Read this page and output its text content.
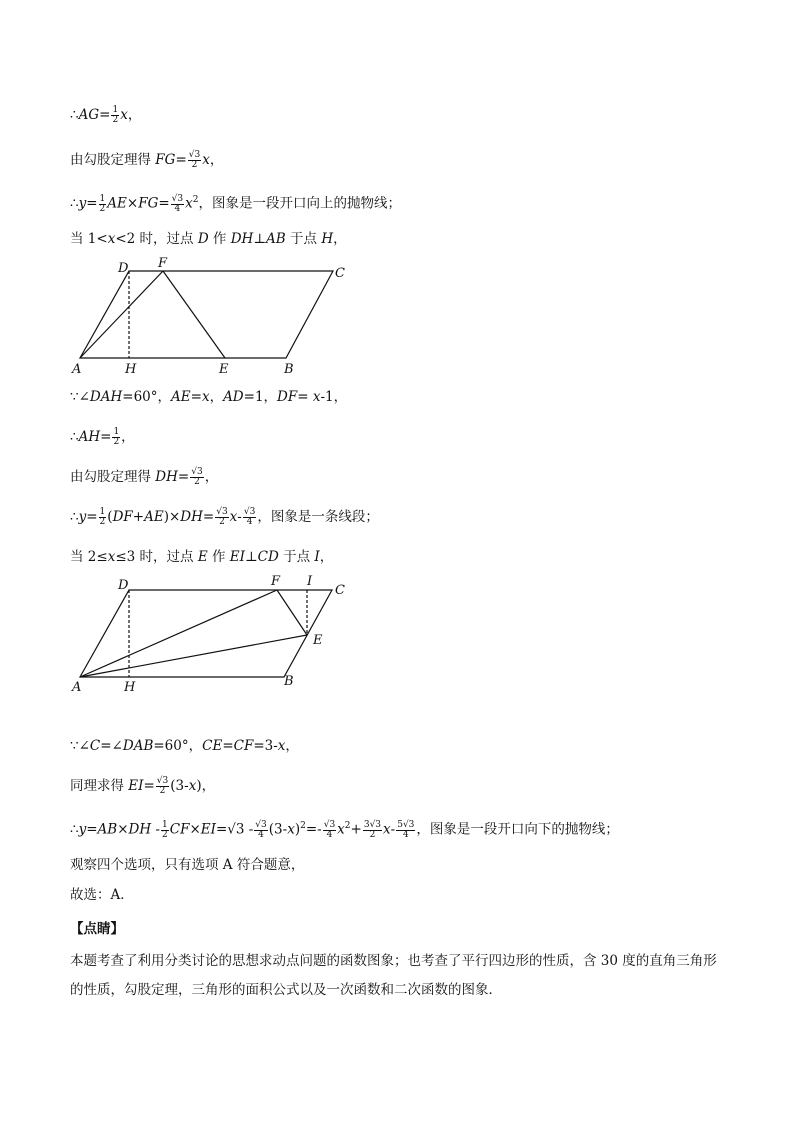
∴AG= $\frac{1}{2}$ x，
由勾股定理得 $FG= \frac{√3}{2}$ x，
∴y= $\frac{1}{2} AE\times FG= \frac{√3}{4} x^2$，图象是一段开口向上的抛物线；
当 1<x<2 时，过点 D 作 DH⊥AB 于点 H，
A	H	E	B
D F
C
∵∠DAH=60°，AE=x，AD=1，DF= x-1，
∴AH= $\frac{1}{2}$ ，
由勾股定理得 $DH= \frac{√3}{2}$ ，
∴y= $\frac{1}{2} (DF+AE)\times DH= \frac{√3}{2} x- \frac{√3}{4}$ ，图象是一条线段；
当 2≤x≤3 时，过点 E 作 EI⊥CD 于点 I，
A	H	B
D	F I
C
E
∵∠C=∠DAB=60°，CE=CF=3-x，
同理求得 $EI= \frac{√3}{2} (3-x)$，
∴y=AB×DH - $\frac{1}{2} CF\times EI=√3 - \frac{√3}{4} (3-x)^2=- \frac{√3}{4} x^2+ \frac{3√3}{2} x- \frac{5√3}{4}$ ，图象是一段开口向下的抛物线；
观察四个选项，只有选项 A 符合题意，
故选：A．
【点睛】
本题考查了利用分类讨论的思想求动点问题的函数图象；也考查了平行四边形的性质，含 30 度的直角三角形的性质，勾股定理，三角形的面积公式以及一次函数和二次函数的图象．
